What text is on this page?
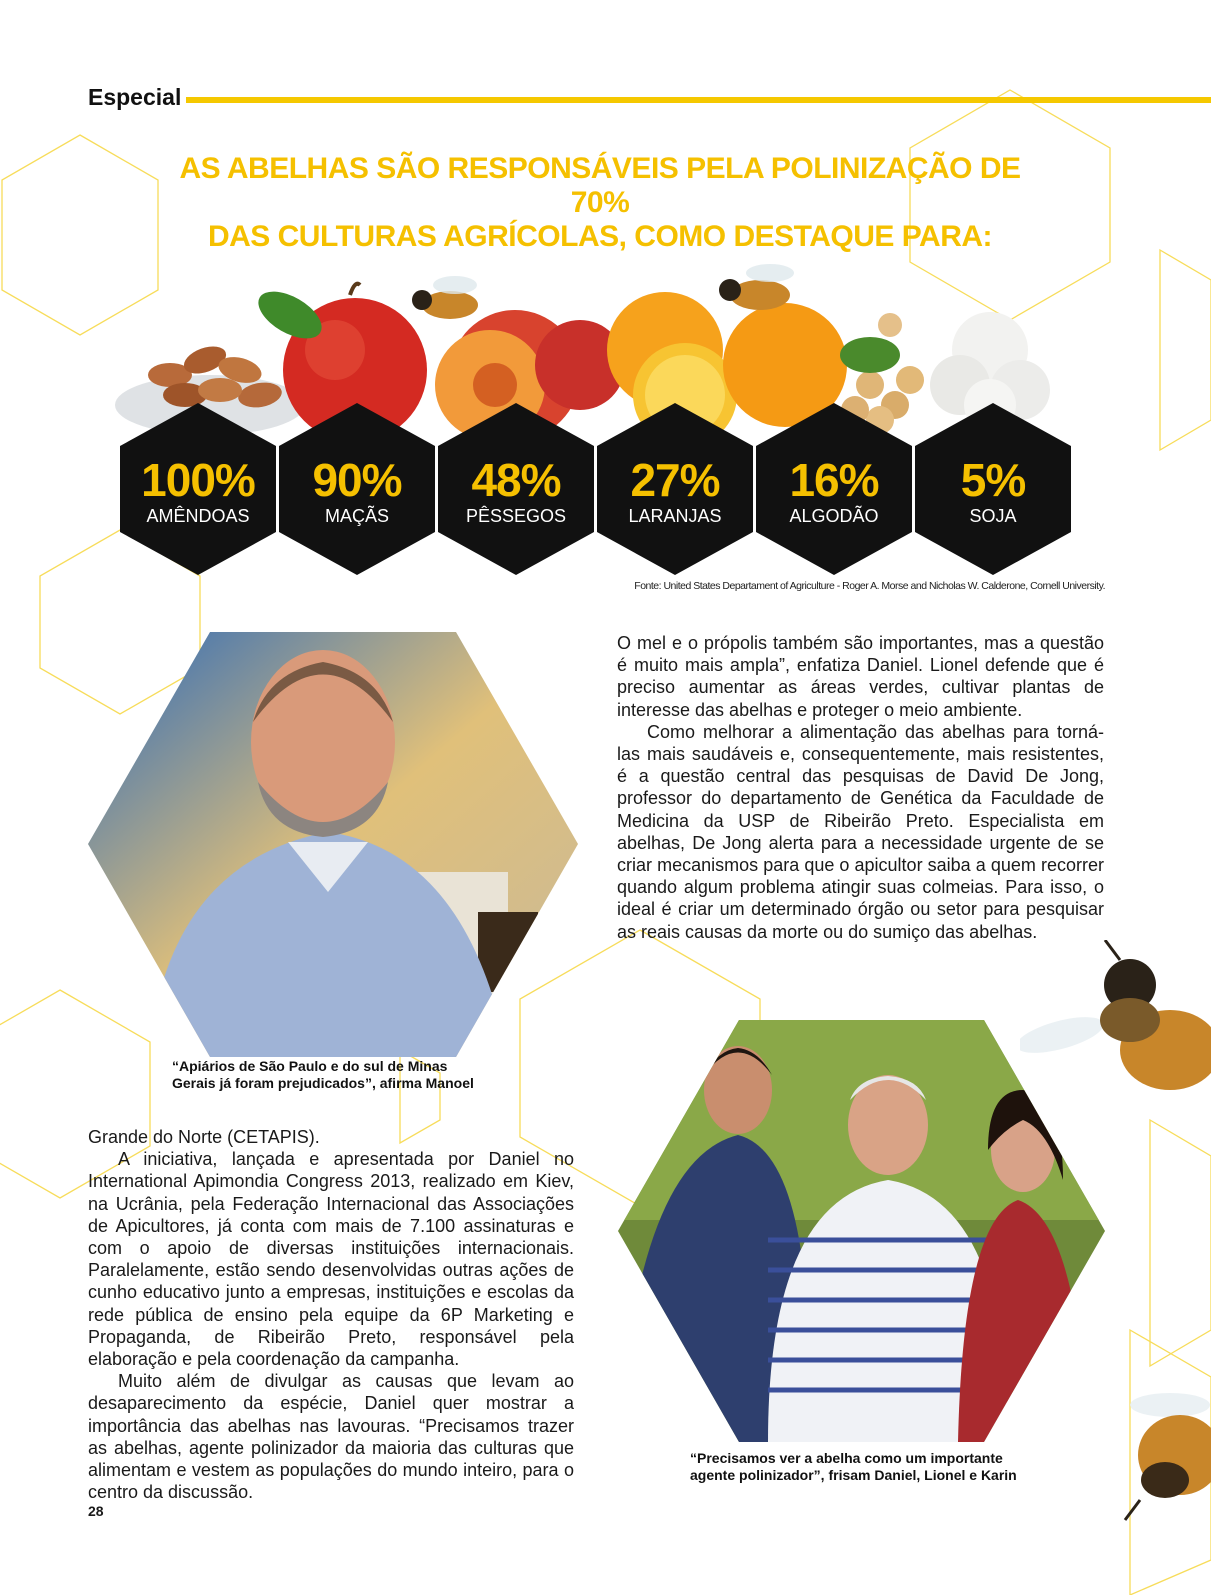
Especial
AS ABELHAS SÃO RESPONSÁVEIS PELA POLINIZAÇÃO DE 70%
DAS CULTURAS AGRÍCOLAS, COMO DESTAQUE PARA:
100%
AMÊNDOAS
90%
MAÇÃS
48%
PÊSSEGOS
27%
LARANJAS
16%
ALGODÃO
5%
SOJA
Fonte: United States Departament of Agriculture - Roger A. Morse and Nicholas W. Calderone, Cornell University.
“Apiários de São Paulo e do sul de Minas
Gerais já foram prejudicados”, afirma Manoel

O mel e o própolis também são importantes, mas a questão é muito mais ampla”, enfatiza Daniel. Lionel defende que é preciso aumentar as áreas verdes, cultivar plantas de interesse das abelhas e proteger o meio ambiente.

Como melhorar a alimentação das abelhas para torná-las mais saudáveis e, consequentemente, mais resistentes, é a questão central das pesquisas de David De Jong, professor do departamento de Genética da Faculdade de Medicina da USP de Ribeirão Preto. Especialista em abelhas, De Jong alerta para a necessidade urgente de se criar mecanismos para que o apicultor saiba a quem recorrer quando algum problema atingir suas colmeias. Para isso, o ideal é criar um determinado órgão ou setor para pesquisar as reais causas da morte ou do sumiço das abelhas.

Grande do Norte (CETAPIS).

A iniciativa, lançada e apresentada por Daniel no International Apimondia Congress 2013, realizado em Kiev, na Ucrânia, pela Federação Internacional das Associações de Apicultores, já conta com mais de 7.100 assinaturas e com o apoio de diversas instituições internacionais. Paralelamente, estão sendo desenvolvidas outras ações de cunho educativo junto a empresas, instituições e escolas da rede pública de ensino pela equipe da 6P Marketing e Propaganda, de Ribeirão Preto, responsável pela elaboração e pela coordenação da campanha.

Muito além de divulgar as causas que levam ao desaparecimento da espécie, Daniel quer mostrar a importância das abelhas nas lavouras. “Precisamos trazer as abelhas, agente polinizador da maioria das culturas que alimentam e vestem as populações do mundo inteiro, para o centro da discussão.

“Precisamos ver a abelha como um importante
agente polinizador”, frisam Daniel, Lionel e Karin
28
